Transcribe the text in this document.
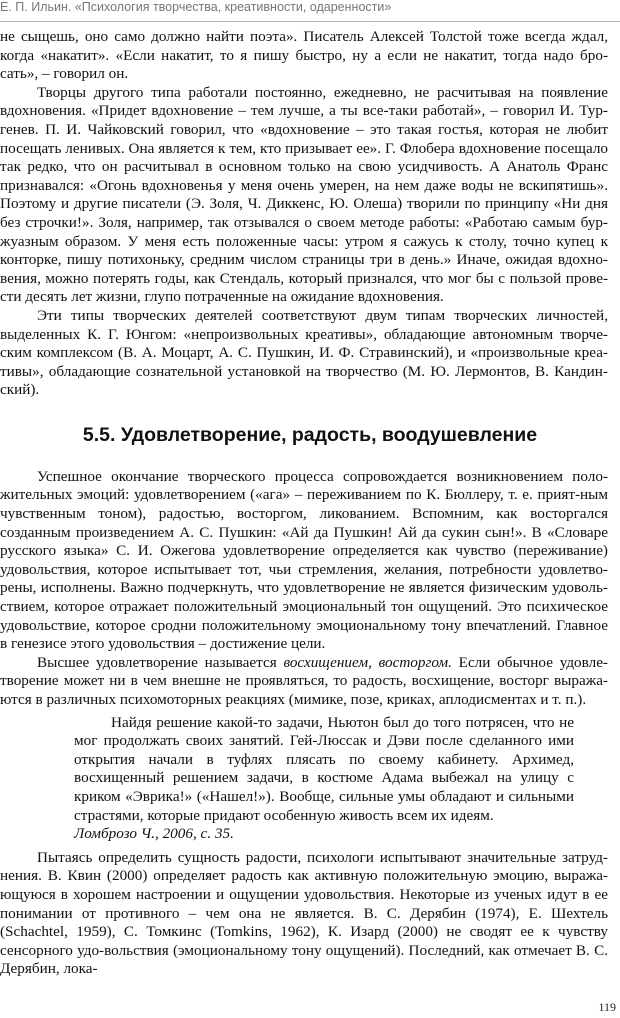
Е. П. Ильин. «Психология творчества, креативности, одаренности»

не сыщешь, оно само должно найти поэта». Писатель Алексей Толстой тоже всегда ждал, когда «накатит». «Если накатит, то я пишу быстро, ну а если не накатит, тогда надо бро-сать», – говорил он.

Творцы другого типа работали постоянно, ежедневно, не расчитывая на появление вдохновения. «Придет вдохновение – тем лучше, а ты все-таки работай», – говорил И. Тур-генев. П. И. Чайковский говорил, что «вдохновение – это такая гостья, которая не любит посещать ленивых. Она является к тем, кто призывает ее». Г. Флобера вдохновение посещало так редко, что он расчитывал в основном только на свою усидчивость. А Анатоль Франс признавался: «Огонь вдохновенья у меня очень умерен, на нем даже воды не вскипятишь». Поэтому и другие писатели (Э. Золя, Ч. Диккенс, Ю. Олеша) творили по принципу «Ни дня без строчки!». Золя, например, так отзывался о своем методе работы: «Работаю самым бур-жуазным образом. У меня есть положенные часы: утром я сажусь к столу, точно купец к конторке, пишу потихоньку, средним числом страницы три в день.» Иначе, ожидая вдохно-вения, можно потерять годы, как Стендаль, который признался, что мог бы с пользой прове-сти десять лет жизни, глупо потраченные на ожидание вдохновения.

Эти типы творческих деятелей соответствуют двум типам творческих личностей, выделенных К. Г. Юнгом: «непроизвольных креативы», обладающие автономным творче-ским комплексом (В. А. Моцарт, А. С. Пушкин, И. Ф. Стравинский), и «произвольные креа-тивы», обладающие сознательной установкой на творчество (М. Ю. Лермонтов, В. Кандин-ский).

5.5. Удовлетворение, радость, воодушевление

Успешное окончание творческого процесса сопровождается возникновением поло-жительных эмоций: удовлетворением («ага» – переживанием по К. Бюллеру, т. е. прият-ным чувственным тоном), радостью, восторгом, ликованием. Вспомним, как восторгался созданным произведением А. С. Пушкин: «Ай да Пушкин! Ай да сукин сын!». В «Словаре русского языка» С. И. Ожегова удовлетворение определяется как чувство (переживание) удовольствия, которое испытывает тот, чьи стремления, желания, потребности удовлетво-рены, исполнены. Важно подчеркнуть, что удовлетворение не является физическим удоволь-ствием, которое отражает положительный эмоциональный тон ощущений. Это психическое удовольствие, которое сродни положительному эмоциональному тону впечатлений. Главное в генезисе этого удовольствия – достижение цели.

Высшее удовлетворение называется восхищением, восторгом. Если обычное удовле-творение может ни в чем внешне не проявляться, то радость, восхищение, восторг выража-ются в различных психомоторных реакциях (мимике, позе, криках, аплодисментах и т. п.).

Найдя решение какой-то задачи, Ньютон был до того потрясен, что не мог продолжать своих занятий. Гей-Люссак и Дэви после сделанного ими открытия начали в туфлях плясать по своему кабинету. Архимед, восхищенный решением задачи, в костюме Адама выбежал на улицу с криком «Эврика!» («Нашел!»). Вообще, сильные умы обладают и сильными страстями, которые придают особенную живость всем их идеям.

Ломброзо Ч., 2006, с. 35.

Пытаясь определить сущность радости, психологи испытывают значительные затруд-нения. В. Квин (2000) определяет радость как активную положительную эмоцию, выража-ющуюся в хорошем настроении и ощущении удовольствия. Некоторые из ученых идут в ее понимании от противного – чем она не является. В. С. Дерябин (1974), Е. Шехтель (Schachtel, 1959), С. Томкинс (Tomkins, 1962), К. Изард (2000) не сводят ее к чувству сенсорного удо-вольствия (эмоциональному тону ощущений). Последний, как отмечает В. С. Дерябин, лока-

119
